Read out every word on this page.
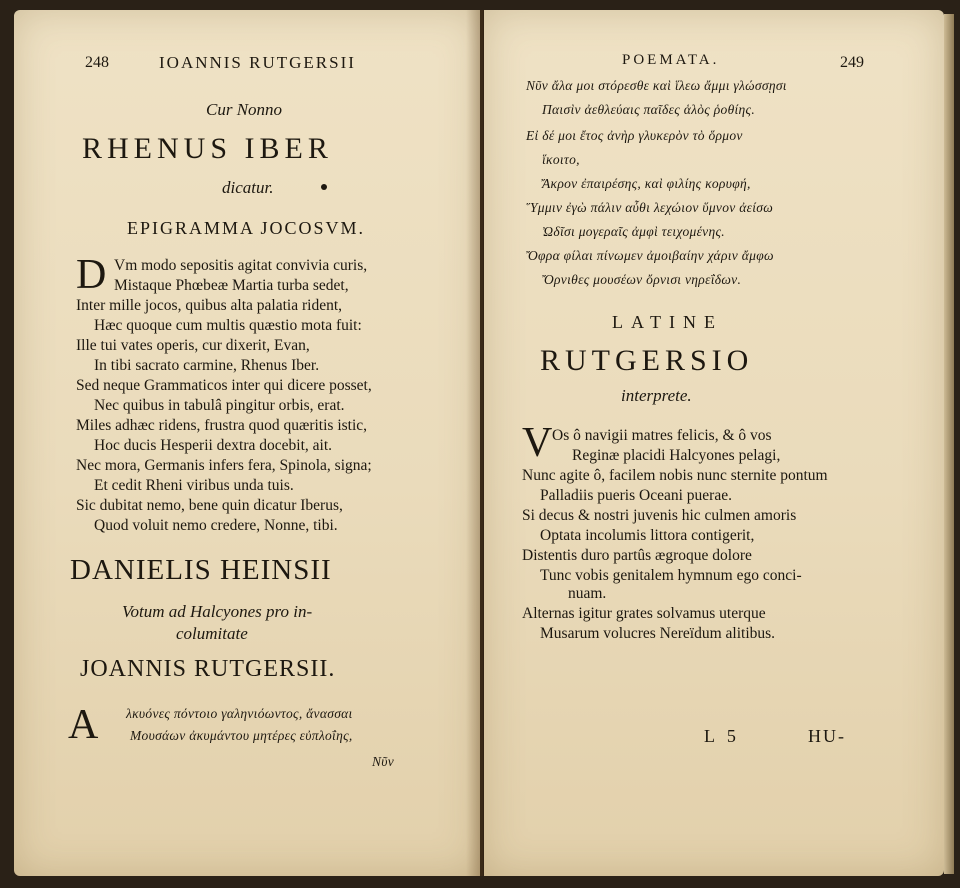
248	IOANNIS RUTGERSII
Cur Nonno
RHENUS IBER
dicatur.
EPIGRAMMA JOCOSVM.
D Vm modo sepositis agitat convivia curis,
Mistaque Phœbeæ Martia turba sedet,
Inter mille jocos, quibus alta palatia rident,
Hæc quoque cum multis quæstio mota fuit:
Ille tui vates operis, cur dixerit, Evan,
In tibi sacrato carmine, Rhenus Iber.
Sed neque Grammaticos inter qui dicere posset,
Nec quibus in tabulâ pingitur orbis, erat.
Miles adhæc ridens, frustra quod quæritis istic,
Hoc ducis Hesperii dextra docebit, ait.
Nec mora, Germanis infers fera, Spinola, signa;
Et cedit Rheni viribus unda tuis.
Sic dubitat nemo, bene quin dicatur Iberus,
Quod voluit nemo credere, Nonne, tibi.
DANIELIS HEINSII
Votum ad Halcyones pro in-
columitate
JOANNIS RUTGERSII.
A λκυόνες πόντοιο γαληνιόωντος, ἄνασσαι
Μουσάων ἀκυμάντου μητέρες εὐπλοΐης,
Νῦν
POEMATA.	249
Νῦν ἄλα μοι στόρεσθε καὶ ἵλεω ἄμμι γλώσσῃσι
Παισὶν ἀεθλεύαις παῖδες ἁλὸς ῥοθίης.
Εἰ δέ μοι ἔτος ἀνὴρ γλυκερὸν τὸ ὅρμον
ἵκοιτο,
Ἄκρον ἐπαιρέσης, καὶ φιλίης κορυφή,
Ὕμμιν ἐγὼ πάλιν αὖθι λεχώιον ὕμνον ἀείσω
Ὠδῖσι μογεραῖς ἀμφὶ τειχομένης.
Ὄφρα φίλαι πίνωμεν ἀμοιβαίην χάριν ἄμφω
Ὄρνιθες μουσέων ὄρνισι νηρεΐδων.
LATINE
RUTGERSIO
interprete.
V Os ô navigii matres felicis, & ô vos
Reginæ placidi Halcyones pelagi,
Nunc agite ô, facilem nobis nunc sternite pontum
Palladiis pueris Oceani puerae.
Si decus & nostri juvenis hic culmen amoris
Optata incolumis littora contigerit,
Distentis duro partûs ægroque dolore
Tunc vobis genitalem hymnum ego conci-
nuam.
Alternas igitur grates solvamus uterque
Musarum volucres Nereïdum alitibus.
L 5	HU-
